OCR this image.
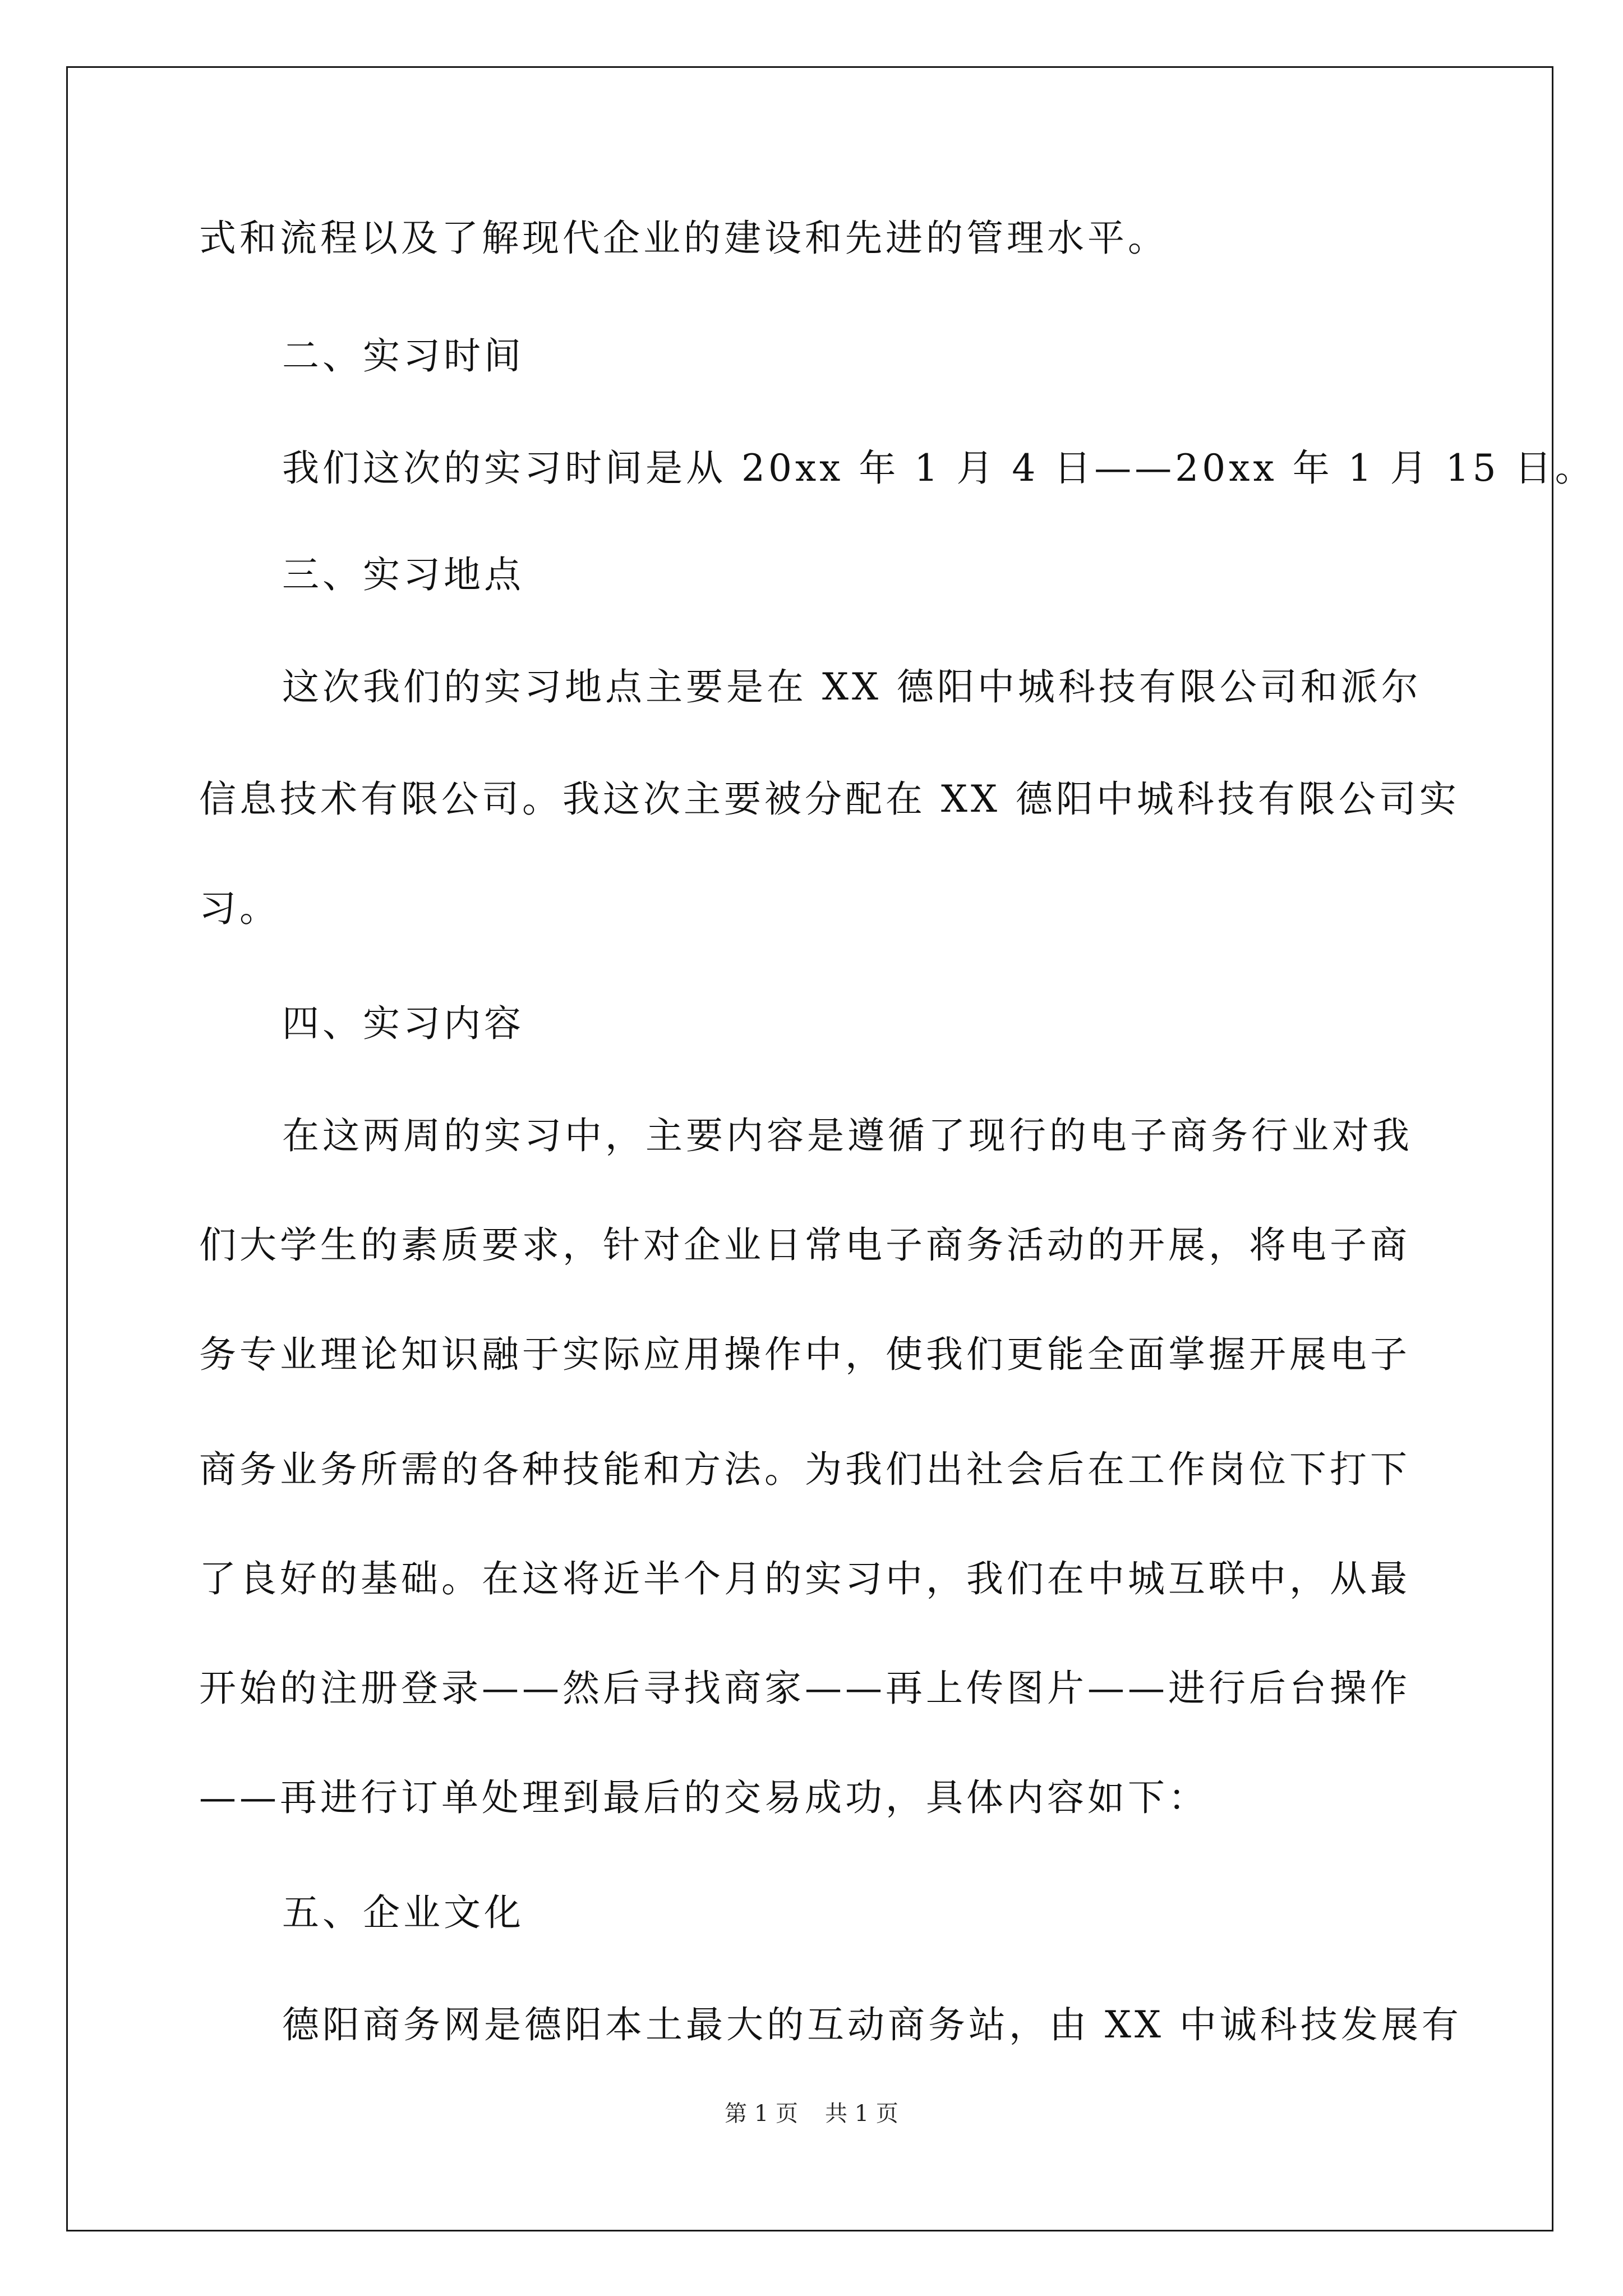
式和流程以及了解现代企业的建设和先进的管理水平。
二、实习时间
我们这次的实习时间是从 20xx 年 1 月 4 日——20xx 年 1 月 15 日。
三、实习地点
这次我们的实习地点主要是在 XX 德阳中城科技有限公司和派尔
信息技术有限公司。我这次主要被分配在 XX 德阳中城科技有限公司实
习。
四、实习内容
在这两周的实习中，主要内容是遵循了现行的电子商务行业对我
们大学生的素质要求，针对企业日常电子商务活动的开展，将电子商
务专业理论知识融于实际应用操作中，使我们更能全面掌握开展电子
商务业务所需的各种技能和方法。为我们出社会后在工作岗位下打下
了良好的基础。在这将近半个月的实习中，我们在中城互联中，从最
开始的注册登录——然后寻找商家——再上传图片——进行后台操作
——再进行订单处理到最后的交易成功，具体内容如下：
五、企业文化
德阳商务网是德阳本土最大的互动商务站，由 XX 中诚科技发展有
第 1 页 共 1 页
